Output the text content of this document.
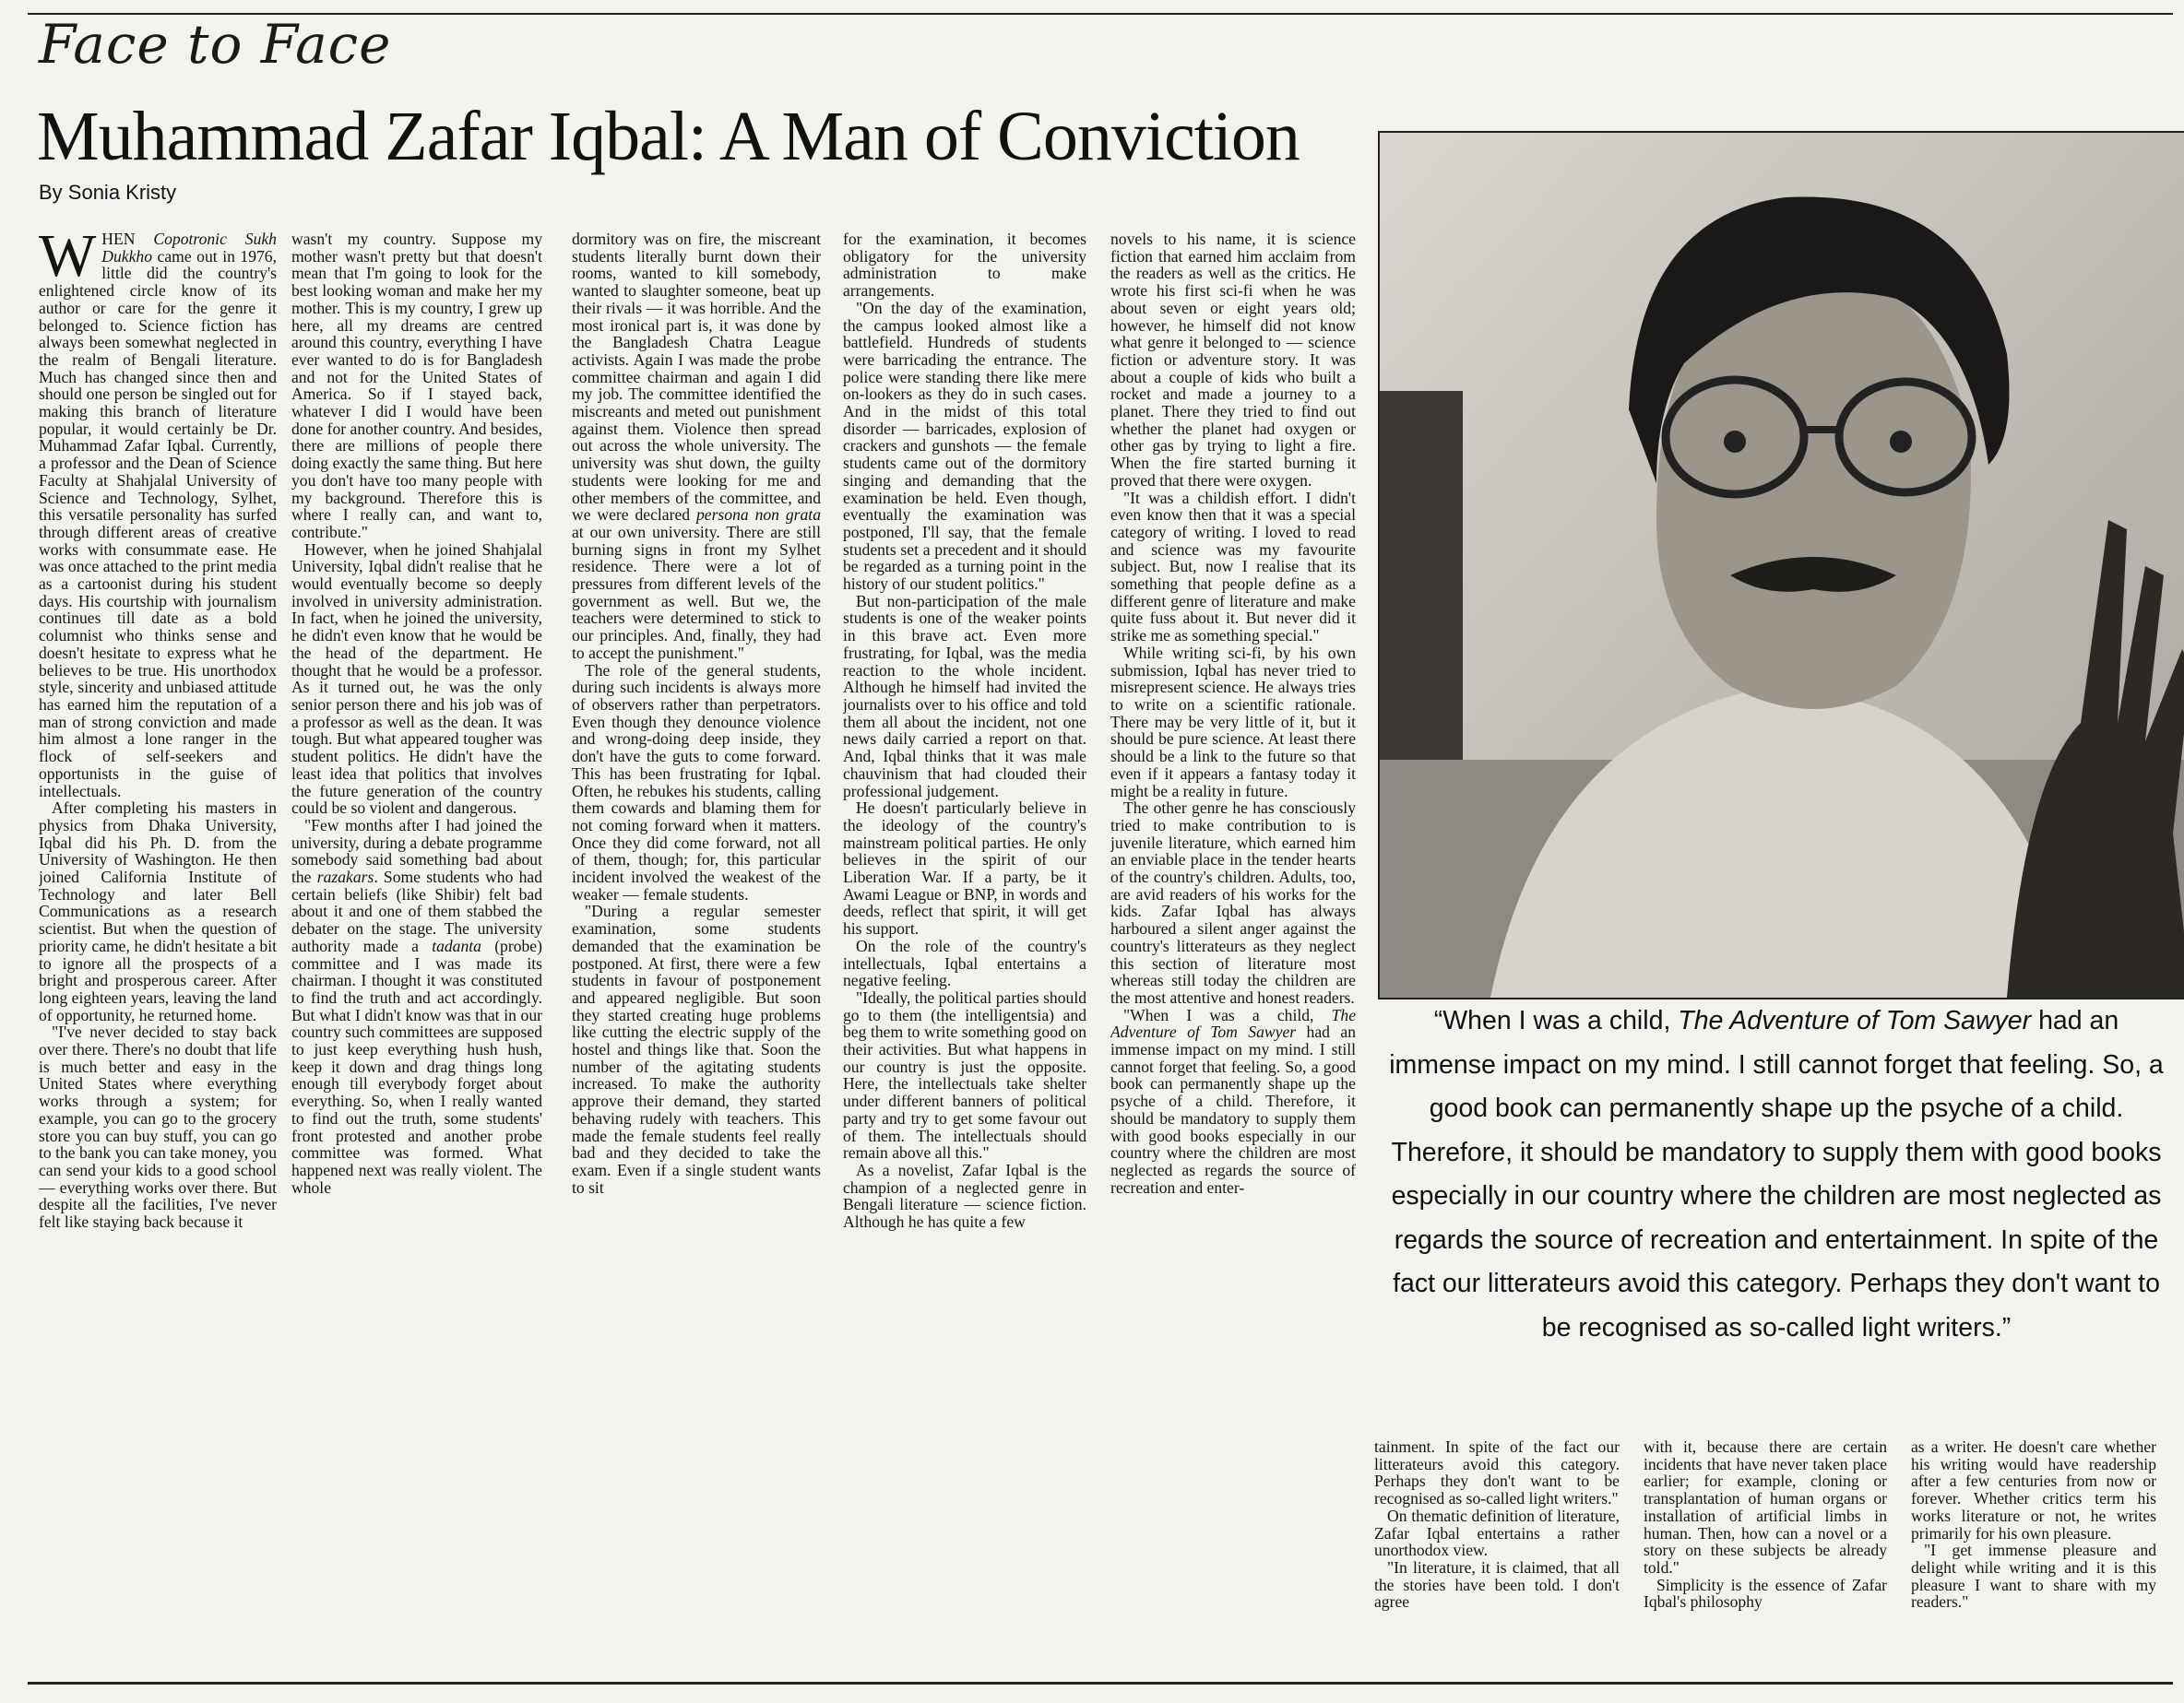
Face to Face
Muhammad Zafar Iqbal: A Man of Conviction
By Sonia Kristy

WHEN Copotronic Sukh Dukkho came out in 1976, little did the country's enlightened circle know of its author or care for the genre it belonged to. Science fiction has always been somewhat neglected in the realm of Bengali literature. Much has changed since then and should one person be singled out for making this branch of literature popular, it would certainly be Dr. Muhammad Zafar Iqbal. Currently, a professor and the Dean of Science Faculty at Shahjalal University of Science and Technology, Sylhet, this versatile personality has surfed through different areas of creative works with consummate ease. He was once attached to the print media as a cartoonist during his student days. His courtship with journalism continues till date as a bold columnist who thinks sense and doesn't hesitate to express what he believes to be true. His unorthodox style, sincerity and unbiased attitude has earned him the reputation of a man of strong conviction and made him almost a lone ranger in the flock of self-seekers and opportunists in the guise of intellectuals.

After completing his masters in physics from Dhaka University, Iqbal did his Ph. D. from the University of Washington. He then joined California Institute of Technology and later Bell Communications as a research scientist. But when the question of priority came, he didn't hesitate a bit to ignore all the prospects of a bright and prosperous career. After long eighteen years, leaving the land of opportunity, he returned home.

"I've never decided to stay back over there. There's no doubt that life is much better and easy in the United States where everything works through a system; for example, you can go to the grocery store you can buy stuff, you can go to the bank you can take money, you can send your kids to a good school — everything works over there. But despite all the facilities, I've never felt like staying back because it

wasn't my country. Suppose my mother wasn't pretty but that doesn't mean that I'm going to look for the best looking woman and make her my mother. This is my country, I grew up here, all my dreams are centred around this country, everything I have ever wanted to do is for Bangladesh and not for the United States of America. So if I stayed back, whatever I did I would have been done for another country. And besides, there are millions of people there doing exactly the same thing. But here you don't have too many people with my background. Therefore this is where I really can, and want to, contribute."

However, when he joined Shahjalal University, Iqbal didn't realise that he would eventually become so deeply involved in university administration. In fact, when he joined the university, he didn't even know that he would be the head of the department. He thought that he would be a professor. As it turned out, he was the only senior person there and his job was of a professor as well as the dean. It was tough. But what appeared tougher was student politics. He didn't have the least idea that politics that involves the future generation of the country could be so violent and dangerous.

"Few months after I had joined the university, during a debate programme somebody said something bad about the razakars. Some students who had certain beliefs (like Shibir) felt bad about it and one of them stabbed the debater on the stage. The university authority made a tadanta (probe) committee and I was made its chairman. I thought it was constituted to find the truth and act accordingly. But what I didn't know was that in our country such committees are supposed to just keep everything hush hush, keep it down and drag things long enough till everybody forget about everything. So, when I really wanted to find out the truth, some students' front protested and another probe committee was formed. What happened next was really violent. The whole

dormitory was on fire, the miscreant students literally burnt down their rooms, wanted to kill somebody, wanted to slaughter someone, beat up their rivals — it was horrible. And the most ironical part is, it was done by the Bangladesh Chatra League activists. Again I was made the probe committee chairman and again I did my job. The committee identified the miscreants and meted out punishment against them. Violence then spread out across the whole university. The university was shut down, the guilty students were looking for me and other members of the committee, and we were declared persona non grata at our own university. There are still burning signs in front my Sylhet residence. There were a lot of pressures from different levels of the government as well. But we, the teachers were determined to stick to our principles. And, finally, they had to accept the punishment."

The role of the general students, during such incidents is always more of observers rather than perpetrators. Even though they denounce violence and wrong-doing deep inside, they don't have the guts to come forward. This has been frustrating for Iqbal. Often, he rebukes his students, calling them cowards and blaming them for not coming forward when it matters. Once they did come forward, not all of them, though; for, this particular incident involved the weakest of the weaker — female students.

"During a regular semester examination, some students demanded that the examination be postponed. At first, there were a few students in favour of postponement and appeared negligible. But soon they started creating huge problems like cutting the electric supply of the hostel and things like that. Soon the number of the agitating students increased. To make the authority approve their demand, they started behaving rudely with teachers. This made the female students feel really bad and they decided to take the exam. Even if a single student wants to sit

for the examination, it becomes obligatory for the university administration to make arrangements.

"On the day of the examination, the campus looked almost like a battlefield. Hundreds of students were barricading the entrance. The police were standing there like mere on-lookers as they do in such cases. And in the midst of this total disorder — barricades, explosion of crackers and gunshots — the female students came out of the dormitory singing and demanding that the examination be held. Even though, eventually the examination was postponed, I'll say, that the female students set a precedent and it should be regarded as a turning point in the history of our student politics."

But non-participation of the male students is one of the weaker points in this brave act. Even more frustrating, for Iqbal, was the media reaction to the whole incident. Although he himself had invited the journalists over to his office and told them all about the incident, not one news daily carried a report on that. And, Iqbal thinks that it was male chauvinism that had clouded their professional judgement.

He doesn't particularly believe in the ideology of the country's mainstream political parties. He only believes in the spirit of our Liberation War. If a party, be it Awami League or BNP, in words and deeds, reflect that spirit, it will get his support.

On the role of the country's intellectuals, Iqbal entertains a negative feeling.

"Ideally, the political parties should go to them (the intelligentsia) and beg them to write something good on their activities. But what happens in our country is just the opposite. Here, the intellectuals take shelter under different banners of political party and try to get some favour out of them. The intellectuals should remain above all this."

As a novelist, Zafar Iqbal is the champion of a neglected genre in Bengali literature — science fiction. Although he has quite a few

novels to his name, it is science fiction that earned him acclaim from the readers as well as the critics. He wrote his first sci-fi when he was about seven or eight years old; however, he himself did not know what genre it belonged to — science fiction or adventure story. It was about a couple of kids who built a rocket and made a journey to a planet. There they tried to find out whether the planet had oxygen or other gas by trying to light a fire. When the fire started burning it proved that there were oxygen.

"It was a childish effort. I didn't even know then that it was a special category of writing. I loved to read and science was my favourite subject. But, now I realise that its something that people define as a different genre of literature and make quite fuss about it. But never did it strike me as something special."

While writing sci-fi, by his own submission, Iqbal has never tried to misrepresent science. He always tries to write on a scientific rationale. There may be very little of it, but it should be pure science. At least there should be a link to the future so that even if it appears a fantasy today it might be a reality in future.

The other genre he has consciously tried to make contribution to is juvenile literature, which earned him an enviable place in the tender hearts of the country's children. Adults, too, are avid readers of his works for the kids. Zafar Iqbal has always harboured a silent anger against the country's litterateurs as they neglect this section of literature most whereas still today the children are the most attentive and honest readers.

"When I was a child, The Adventure of Tom Sawyer had an immense impact on my mind. I still cannot forget that feeling. So, a good book can permanently shape up the psyche of a child. Therefore, it should be mandatory to supply them with good books especially in our country where the children are most neglected as regards the source of recreation and enter-

“When I was a child, The Adventure of Tom Sawyer had an immense impact on my mind. I still cannot forget that feeling. So, a good book can permanently shape up the psyche of a child. Therefore, it should be mandatory to supply them with good books especially in our country where the children are most neglected as regards the source of recreation and entertainment. In spite of the fact our litterateurs avoid this category. Perhaps they don't want to be recognised as so-called light writers.”

tainment. In spite of the fact our litterateurs avoid this category. Perhaps they don't want to be recognised as so-called light writers."

On thematic definition of literature, Zafar Iqbal entertains a rather unorthodox view.

"In literature, it is claimed, that all the stories have been told. I don't agree

with it, because there are certain incidents that have never taken place earlier; for example, cloning or transplantation of human organs or installation of artificial limbs in human. Then, how can a novel or a story on these subjects be already told."

Simplicity is the essence of Zafar Iqbal's philosophy

as a writer. He doesn't care whether his writing would have readership after a few centuries from now or forever. Whether critics term his works literature or not, he writes primarily for his own pleasure.

"I get immense pleasure and delight while writing and it is this pleasure I want to share with my readers."
